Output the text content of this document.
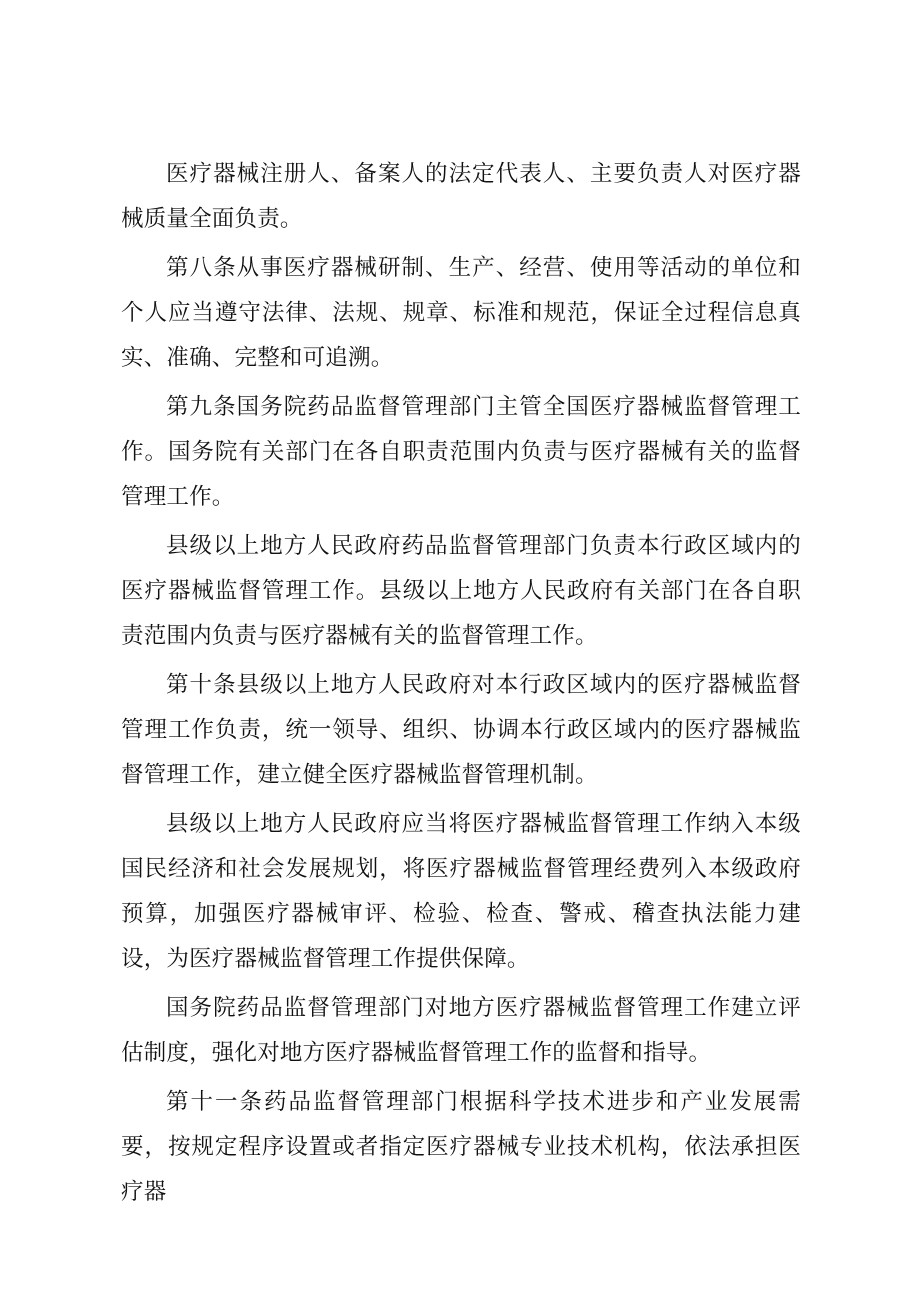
医疗器械注册人、备案人的法定代表人、主要负责人对医疗器械质量全面负责。

第八条从事医疗器械研制、生产、经营、使用等活动的单位和个人应当遵守法律、法规、规章、标准和规范，保证全过程信息真实、准确、完整和可追溯。

第九条国务院药品监督管理部门主管全国医疗器械监督管理工作。国务院有关部门在各自职责范围内负责与医疗器械有关的监督管理工作。

县级以上地方人民政府药品监督管理部门负责本行政区域内的医疗器械监督管理工作。县级以上地方人民政府有关部门在各自职责范围内负责与医疗器械有关的监督管理工作。

第十条县级以上地方人民政府对本行政区域内的医疗器械监督管理工作负责，统一领导、组织、协调本行政区域内的医疗器械监督管理工作，建立健全医疗器械监督管理机制。

县级以上地方人民政府应当将医疗器械监督管理工作纳入本级国民经济和社会发展规划，将医疗器械监督管理经费列入本级政府预算，加强医疗器械审评、检验、检查、警戒、稽查执法能力建设，为医疗器械监督管理工作提供保障。

国务院药品监督管理部门对地方医疗器械监督管理工作建立评估制度，强化对地方医疗器械监督管理工作的监督和指导。

第十一条药品监督管理部门根据科学技术进步和产业发展需要，按规定程序设置或者指定医疗器械专业技术机构，依法承担医疗器
